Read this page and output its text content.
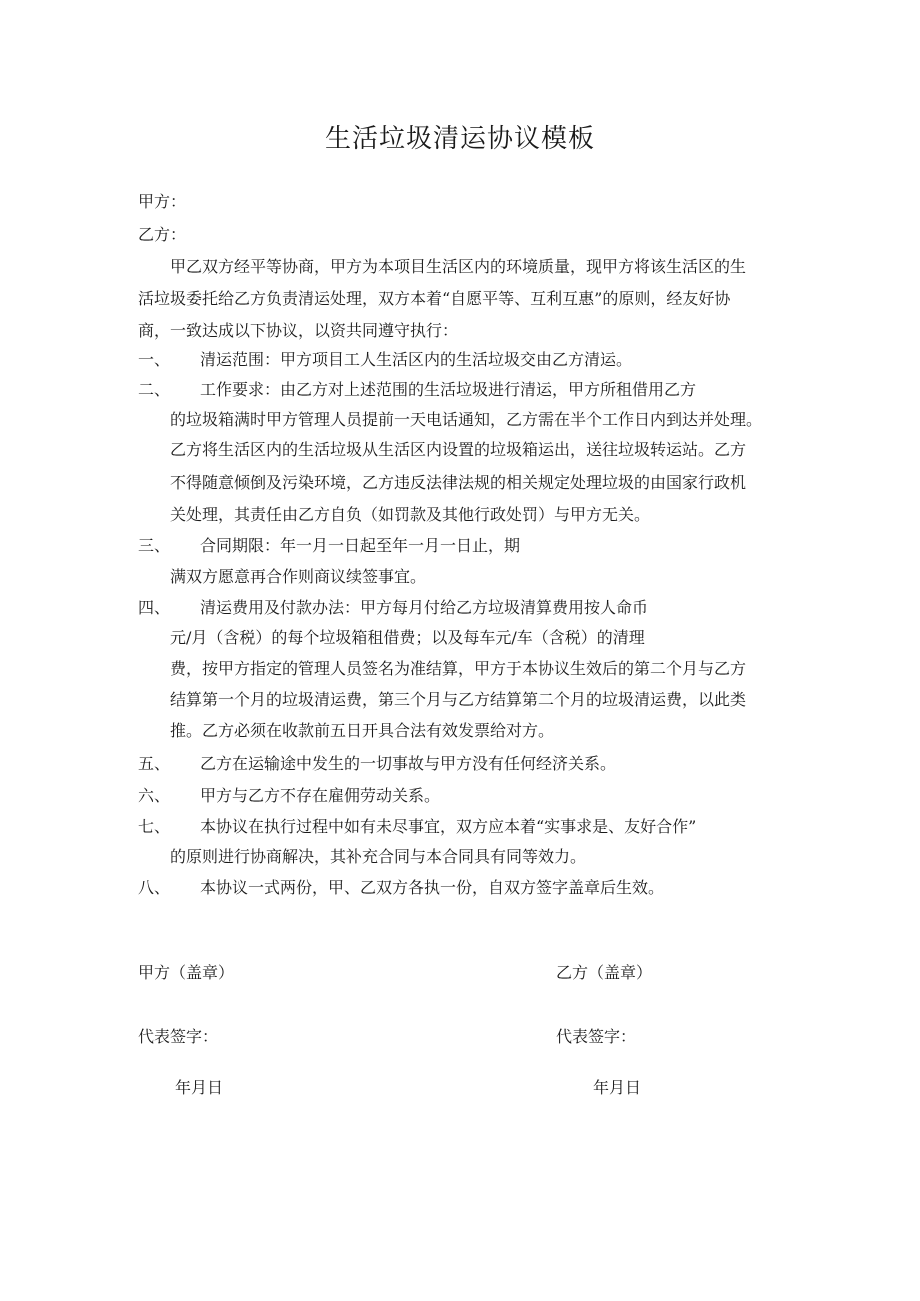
生活垃圾清运协议模板
甲方：
乙方：
甲乙双方经平等协商，甲方为本项目生活区内的环境质量，现甲方将该生活区的生
活垃圾委托给乙方负责清运处理，双方本着“自愿平等、互利互惠”的原则，经友好协
商，一致达成以下协议，以资共同遵守执行：
一、 清运范围：甲方项目工人生活区内的生活垃圾交由乙方清运。
二、 工作要求：由乙方对上述范围的生活垃圾进行清运，甲方所租借用乙方
的垃圾箱满时甲方管理人员提前一天电话通知，乙方需在半个工作日内到达并处理。
乙方将生活区内的生活垃圾从生活区内设置的垃圾箱运出，送往垃圾转运站。乙方
不得随意倾倒及污染环境，乙方违反法律法规的相关规定处理垃圾的由国家行政机
关处理，其责任由乙方自负（如罚款及其他行政处罚）与甲方无关。
三、 合同期限：年一月一日起至年一月一日止，期
满双方愿意再合作则商议续签事宜。
四、 清运费用及付款办法：甲方每月付给乙方垃圾清算费用按人命币
元/月（含税）的每个垃圾箱租借费；以及每车元/车（含税）的清理
费，按甲方指定的管理人员签名为准结算，甲方于本协议生效后的第二个月与乙方
结算第一个月的垃圾清运费，第三个月与乙方结算第二个月的垃圾清运费，以此类
推。乙方必须在收款前五日开具合法有效发票给对方。
五、 乙方在运输途中发生的一切事故与甲方没有任何经济关系。
六、 甲方与乙方不存在雇佣劳动关系。
七、 本协议在执行过程中如有未尽事宜，双方应本着“实事求是、友好合作”
的原则进行协商解决，其补充合同与本合同具有同等效力。
八、 本协议一式两份，甲、乙双方各执一份，自双方签字盖章后生效。
甲方（盖章）	乙方（盖章）
代表签字：	代表签字：
年月日	年月日
